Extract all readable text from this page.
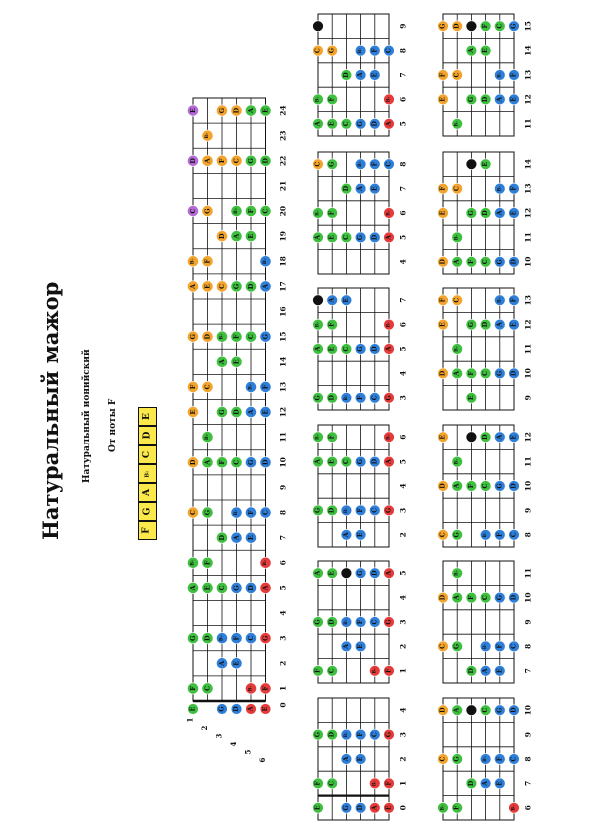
Натуральный мажор Натуральный ионийский От ноты F
F
G
A
B♭
C
D
E
0
1
2
3
4
5
6
7
8
9
10
11
12
13
14
15
16
17
18
19
20
21
22
23
24
1
2
3
4
5
6
E	G D A E
F C	B♭ F
A E
G D B♭ F C G
A E C G D A
B♭ F	B♭
D A E
C G	B♭ F C
D A F C G D
B♭
E	G D A E
F C	B♭ F
A E
G D B♭ F C G
A E C G D A
B♭ F	B♭
D A E
C G	B♭ F C
D A F C G D
B♭
E	G D A E
9
8
7
6
5
E
C G	B♭ F C
D A E
B♭ F	B♭
A E C G D A
8
7
6
5
4
C G	B♭ F C
D A E
B♭ F	B♭
A E C G D A
7
6
5
4
3
D A E
B♭ F	B♭
A E C G D A
G D B♭ F C G
6
5
4
3
2
B♭ F	B♭
A E C G D A
G D B♭ F C G
A E
5
4
3
2
1
A E C G D A
G D B♭ F C G
A E
F C	B♭ F
4
3
2
1
0
G D B♭ F C G
A E
F C	B♭ F
E	G D A E
15
14
13
12
11
G D B♭ F C G
A E
F C	B♭ F
E	G D A E
B♭
14
13
12
11
10
A E
F C	B♭ F
E	G D A E
B♭
D A F C G D
13
12
11
10
9
F C	B♭ F
E	G D A E
B♭
D A F C G D
E
12
11
10
9
8
E	G D A E
B♭
D A F C G D
C G	B♭ F C
11
10
9
8
7
B♭
D A F C G D
C G	B♭ F C
D A E
10
9
8
7
6
D A F C G D
C G	B♭ F C
D A E
B♭ F	B♭
